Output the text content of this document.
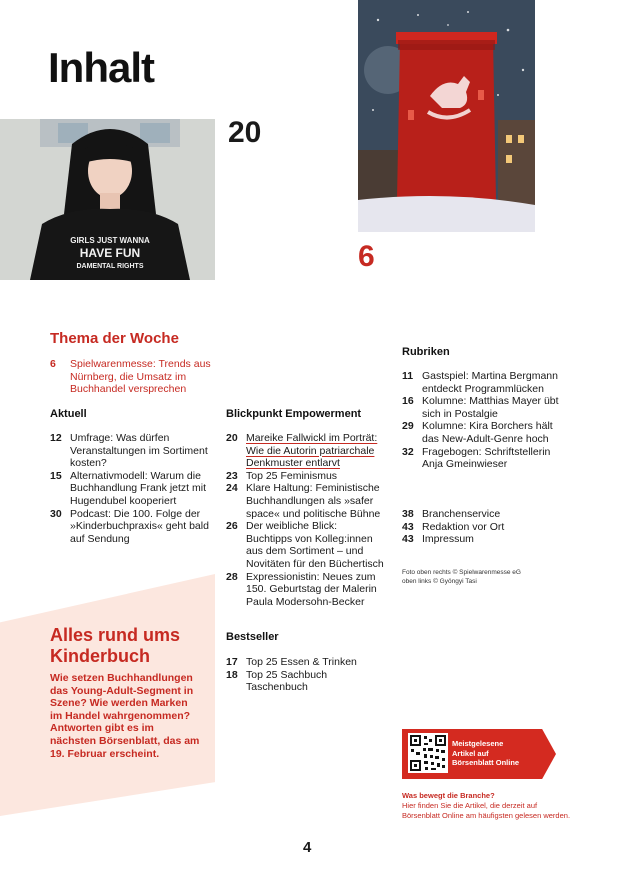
Inhalt
GIRLS JUST WANNA
HAVE FUN
DAMENTAL RIGHTS
20
6
Thema der Woche
6	Spielwarenmesse: Trends aus Nürnberg, die Umsatz im Buchhandel versprechen
Aktuell
12 Umfrage: Was dürfen Veranstaltungen im Sortiment kosten?
15 Alternativmodell: Warum die Buchhandlung Frank jetzt mit Hugendubel kooperiert
30 Podcast: Die 100. Folge der »Kinderbuchpraxis« geht bald auf Sendung
Blickpunkt Empowerment
20 Mareike Fallwickl im Porträt: Wie die Autorin patriarchale Denkmuster entlarvt
23 Top 25 Feminismus
24 Klare Haltung: Feministische Buchhandlungen als »safer space« und politische Bühne
26 Der weibliche Blick: Buchtipps von Kolleg:innen aus dem Sortiment – und Novitäten für den Büchertisch
28 Expressionistin: Neues zum 150. Geburtstag der Malerin Paula Modersohn-Becker
Bestseller
17 Top 25 Essen & Trinken
18 Top 25 Sachbuch Taschenbuch
Rubriken
11 Gastspiel: Martina Bergmann entdeckt Programmlücken
16 Kolumne: Matthias Mayer übt sich in Postalgie
29 Kolumne: Kira Borchers hält das New-Adult-Genre hoch
32 Fragebogen: Schriftstellerin Anja Gmeinwieser
38 Branchenservice
43 Redaktion vor Ort
43 Impressum
Foto oben rechts © Spielwarenmesse eG
oben links © Gyöngyi Tasi
Alles rund ums
Kinderbuch
Wie setzen Buchhandlungen das Young-Adult-Segment in Szene? Wie werden Marken im Handel wahrgenommen? Antworten gibt es im nächsten Börsenblatt, das am 19. Februar erscheint.
Meistgelesene
Artikel auf
Börsenblatt Online
Was bewegt die Branche?
Hier finden Sie die Artikel, die derzeit auf Börsenblatt Online am häufigsten gelesen werden.
4
